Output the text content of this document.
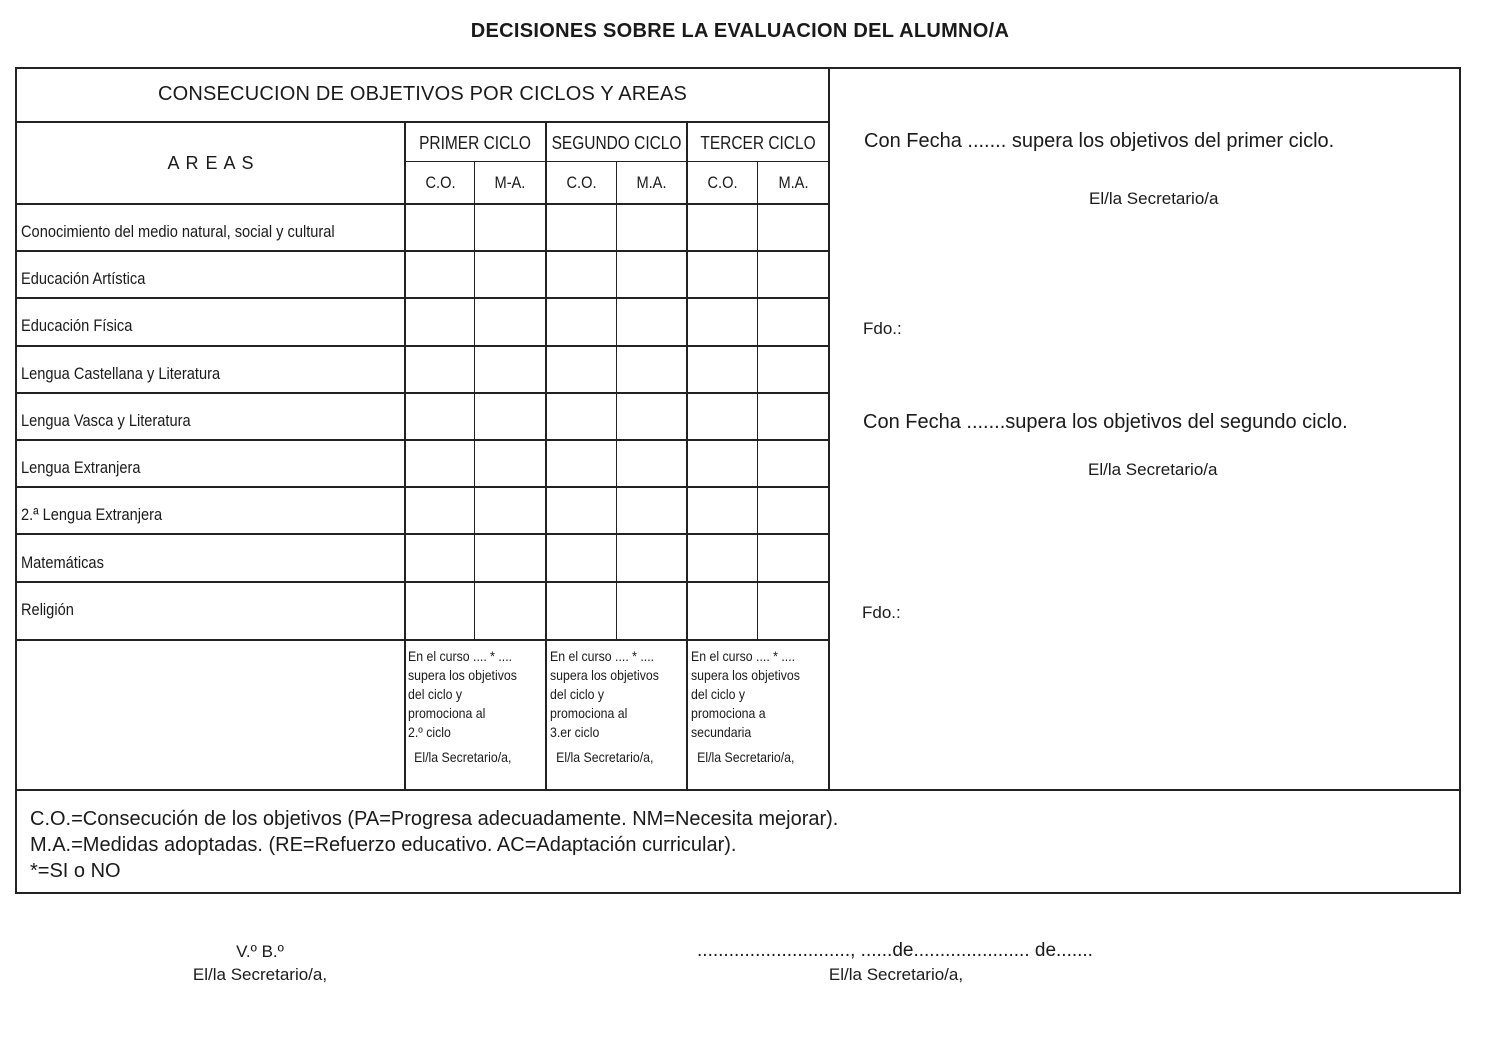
DECISIONES SOBRE LA EVALUACION DEL ALUMNO/A
CONSECUCION DE OBJETIVOS POR CICLOS Y AREAS
A R E A S
PRIMER CICLO SEGUNDO CICLO TERCER CICLO
C.O. M-A. C.O. M.A. C.O. M.A.
Conocimiento del medio natural, social y cultural
Educación Artística
Educación Física
Lengua Castellana y Literatura
Lengua Vasca y Literatura
Lengua Extranjera
2.ª Lengua Extranjera
Matemáticas
Religión
En el curso .... * ....
supera los objetivos
del ciclo y
promociona al
2.º ciclo
El/la Secretario/a,
En el curso .... * ....
supera los objetivos
del ciclo y
promociona al
3.er ciclo
El/la Secretario/a,
En el curso .... * ....
supera los objetivos
del ciclo y
promociona a
secundaria
El/la Secretario/a,
Con Fecha ....... supera los objetivos del primer ciclo.
El/la Secretario/a
Fdo.:
Con Fecha .......supera los objetivos del segundo ciclo.
El/la Secretario/a
Fdo.:
C.O.=Consecución de los objetivos (PA=Progresa adecuadamente. NM=Necesita mejorar).
M.A.=Medidas adoptadas. (RE=Refuerzo educativo. AC=Adaptación curricular).
*=SI o NO
V.º B.º
El/la Secretario/a,
............................., ......de...................... de.......
El/la Secretario/a,
